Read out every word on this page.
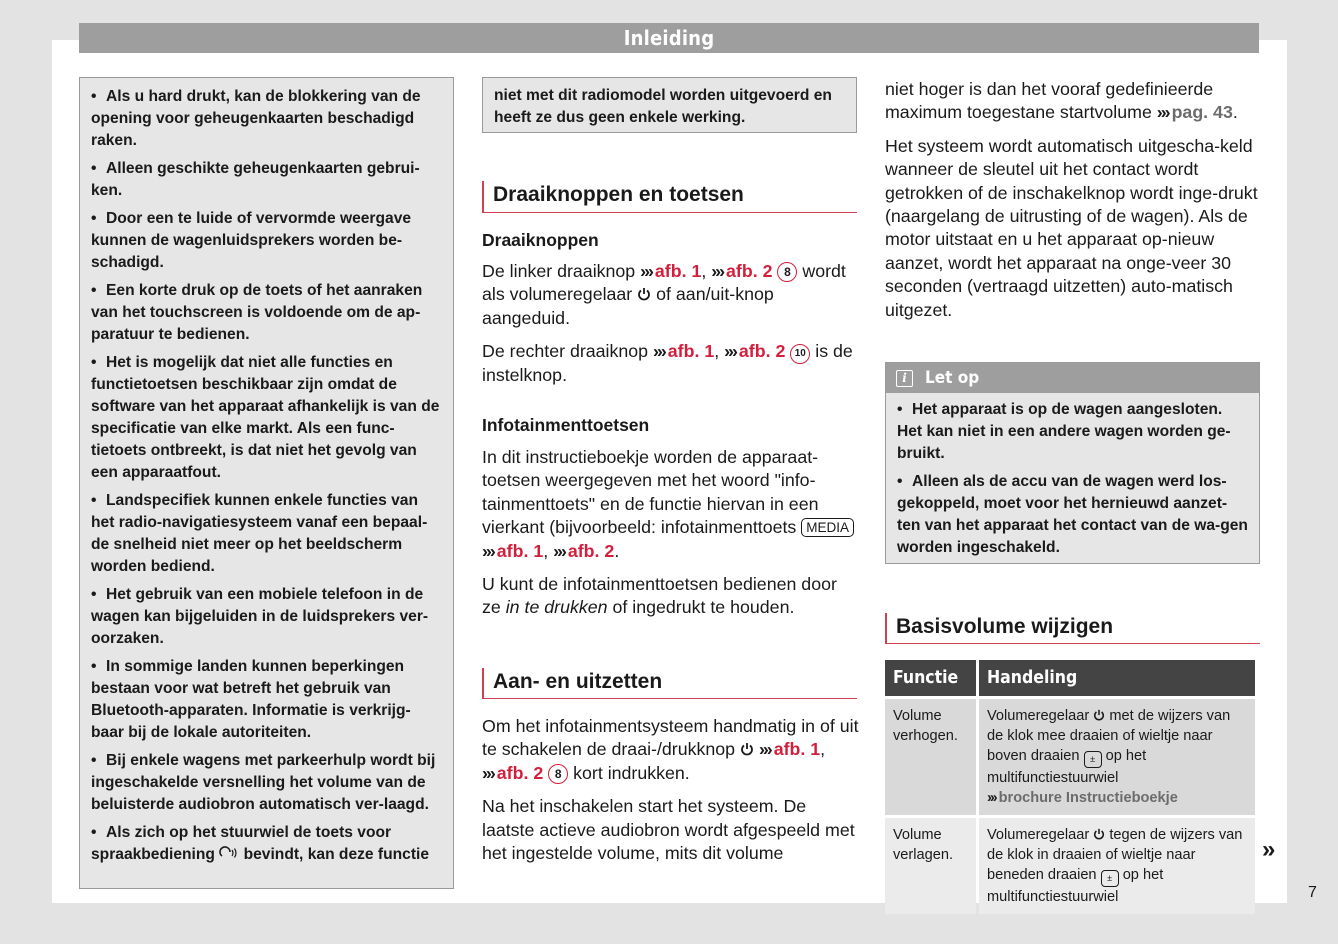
Inleiding

• Als u hard drukt, kan de blokkering van de opening voor geheugenkaarten beschadigd raken.

• Alleen geschikte geheugenkaarten gebrui-ken.

• Door een te luide of vervormde weergave kunnen de wagenluidsprekers worden be-schadigd.

• Een korte druk op de toets of het aanraken van het touchscreen is voldoende om de ap-paratuur te bedienen.

• Het is mogelijk dat niet alle functies en functietoetsen beschikbaar zijn omdat de software van het apparaat afhankelijk is van de specificatie van elke markt. Als een func-tietoets ontbreekt, is dat niet het gevolg van een apparaatfout.

• Landspecifiek kunnen enkele functies van het radio-navigatiesysteem vanaf een bepaal-de snelheid niet meer op het beeldscherm worden bediend.

• Het gebruik van een mobiele telefoon in de wagen kan bijgeluiden in de luidsprekers ver-oorzaken.

• In sommige landen kunnen beperkingen bestaan voor wat betreft het gebruik van Bluetooth-apparaten. Informatie is verkrijg-baar bij de lokale autoriteiten.

• Bij enkele wagens met parkeerhulp wordt bij ingeschakelde versnelling het volume van de beluisterde audiobron automatisch ver-laagd.

• Als zich op het stuurwiel de toets voor spraakbediening bevindt, kan deze functie

niet met dit radiomodel worden uitgevoerd en heeft ze dus geen enkele werking.

Draaiknoppen en toetsen
Draaiknoppen

De linker draaiknop ››› afb. 1, ››› afb. 2 8 wordt als volumeregelaar of aan/uit-knop aangeduid.

De rechter draaiknop ››› afb. 1, ››› afb. 2 10 is de instelknop.

Infotainmenttoetsen

In dit instructieboekje worden de apparaat-toetsen weergegeven met het woord "info-tainmenttoets" en de functie hiervan in een vierkant (bijvoorbeeld: infotainmenttoets MEDIA››› afb. 1, ››› afb. 2.

U kunt de infotainmenttoetsen bedienen door ze in te drukken of ingedrukt te houden.

Aan- en uitzetten

Om het infotainmentsysteem handmatig in of uit te schakelen de draai-/drukknop ››› afb. 1, ››› afb. 2 8 kort indrukken.

Na het inschakelen start het systeem. De laatste actieve audiobron wordt afgespeeld met het ingestelde volume, mits dit volume

niet hoger is dan het vooraf gedefinieerde maximum toegestane startvolume ››› pag. 43.

Het systeem wordt automatisch uitgescha-keld wanneer de sleutel uit het contact wordt getrokken of de inschakelknop wordt inge-drukt (naargelang de uitrusting of de wagen). Als de motor uitstaat en u het apparaat op-nieuw aanzet, wordt het apparaat na onge-veer 30 seconden (vertraagd uitzetten) auto-matisch uitgezet.

i Let op

• Het apparaat is op de wagen aangesloten. Het kan niet in een andere wagen worden ge-bruikt.

• Alleen als de accu van de wagen werd los-gekoppeld, moet voor het hernieuwd aanzet-ten van het apparaat het contact van de wa-gen worden ingeschakeld.

Basisvolume wijzigen
Functie	Handeling
Volume verhogen.	Volumeregelaar met de wijzers van de klok mee draaien of wieltje naar boven draaien ± op het multifunctiestuurwiel
››› brochure Instructieboekje
Volume verlagen.	Volumeregelaar tegen de wijzers van de klok in draaien of wieltje naar beneden draaien ± op het multifunctiestuurwiel
»
7
